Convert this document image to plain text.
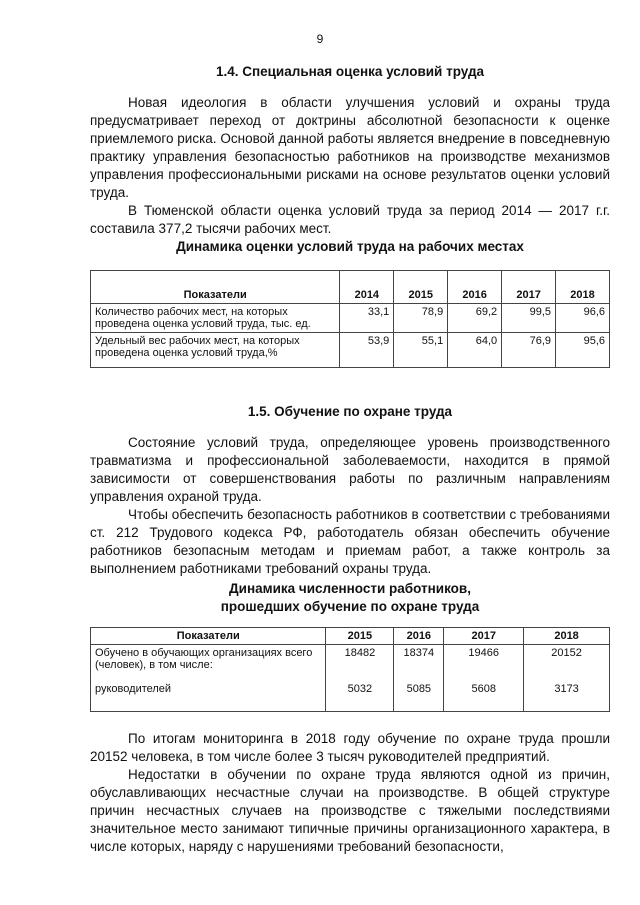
9
1.4. Специальная оценка условий труда

Новая идеология в области улучшения условий и охраны труда предусматривает переход от доктрины абсолютной безопасности к оценке приемлемого риска. Основой данной работы является внедрение в повседневную практику управления безопасностью работников на производстве механизмов управления профессиональными рисками на основе результатов оценки условий труда.

В Тюменской области оценка условий труда за период 2014 — 2017 г.г. составила 377,2 тысячи рабочих мест.

Динамика оценки условий труда на рабочих местах
Показатели	2014	2015	2016	2017	2018
Количество рабочих мест, на которых проведена оценка условий труда, тыс. ед.	33,1	78,9	69,2	99,5	96,6
Удельный вес рабочих мест, на которых проведена оценка условий труда,%	53,9	55,1	64,0	76,9	95,6
1.5. Обучение по охране труда

Состояние условий труда, определяющее уровень производственного травматизма и профессиональной заболеваемости, находится в прямой зависимости от совершенствования работы по различным направлениям управления охраной труда.

Чтобы обеспечить безопасность работников в соответствии с требованиями ст. 212 Трудового кодекса РФ, работодатель обязан обеспечить обучение работников безопасным методам и приемам работ, а также контроль за выполнением работниками требований охраны труда.

Динамика численности работников,
прошедших обучение по охране труда
Показатели	2015	2016	2017	2018
Обучено в обучающих организациях всего (человек), в том числе:	18482	18374	19466	20152
руководителей	5032	5085	5608	3173

По итогам мониторинга в 2018 году обучение по охране труда прошли 20152 человека, в том числе более 3 тысяч руководителей предприятий.

Недостатки в обучении по охране труда являются одной из причин, обуславливающих несчастные случаи на производстве. В общей структуре причин несчастных случаев на производстве с тяжелыми последствиями значительное место занимают типичные причины организационного характера, в числе которых, наряду с нарушениями требований безопасности,
